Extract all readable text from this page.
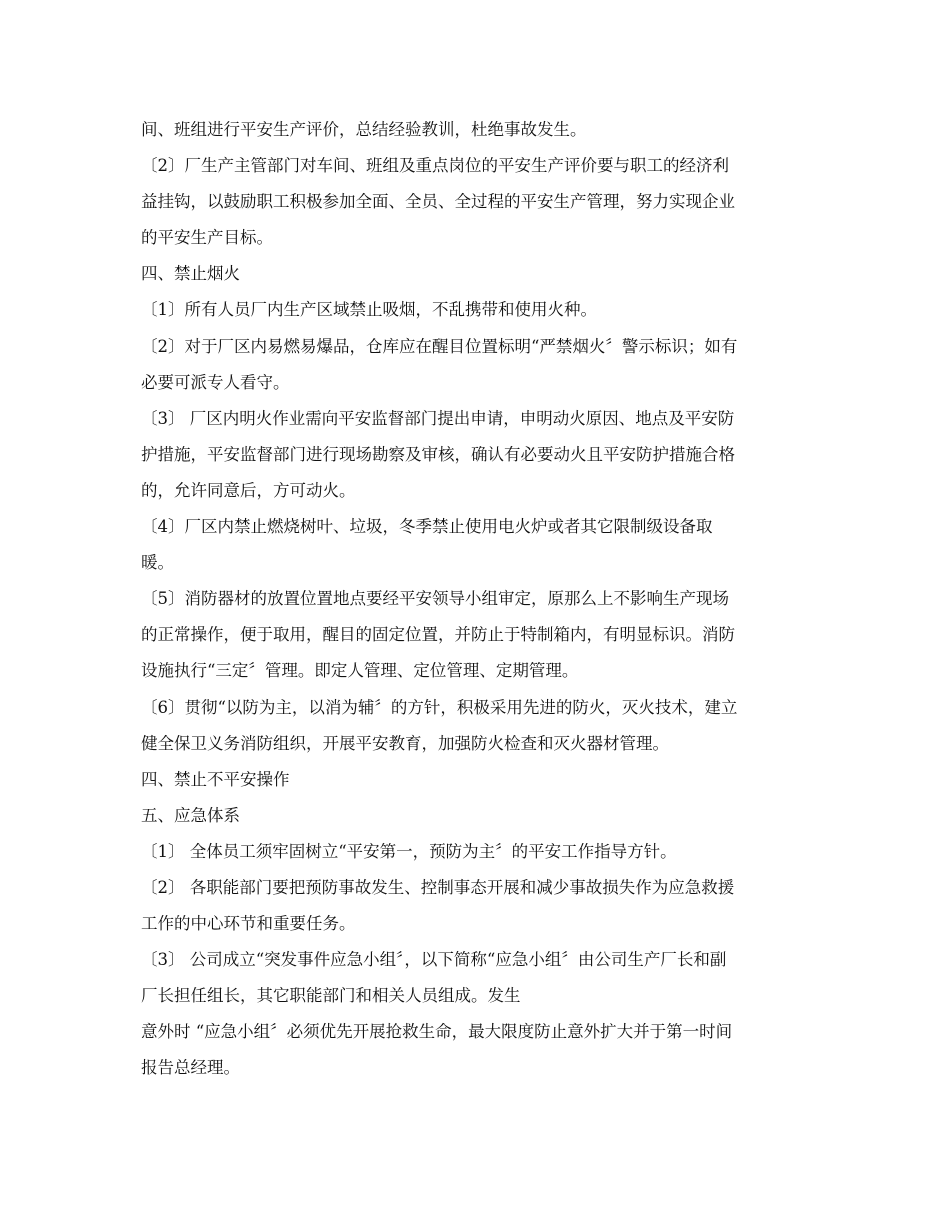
间、班组进行平安生产评价，总结经验教训，杜绝事故发生。
〔2〕厂生产主管部门对车间、班组及重点岗位的平安生产评价要与职工的经济利
益挂钩，以鼓励职工积极参加全面、全员、全过程的平安生产管理，努力实现企业
的平安生产目标。
四、禁止烟火
〔1〕所有人员厂内生产区域禁止吸烟，不乱携带和使用火种。
〔2〕对于厂区内易燃易爆品，仓库应在醒目位置标明“严禁烟火〞警示标识；如有
必要可派专人看守。
〔3〕 厂区内明火作业需向平安监督部门提出申请，申明动火原因、地点及平安防
护措施，平安监督部门进行现场勘察及审核，确认有必要动火且平安防护措施合格
的，允许同意后，方可动火。
〔4〕厂区内禁止燃烧树叶、垃圾，冬季禁止使用电火炉或者其它限制级设备取
暖。
〔5〕消防器材的放置位置地点要经平安领导小组审定，原那么上不影响生产现场
的正常操作，便于取用，醒目的固定位置，并防止于特制箱内，有明显标识。消防
设施执行“三定〞管理。即定人管理、定位管理、定期管理。
〔6〕贯彻“以防为主，以消为辅〞的方针，积极采用先进的防火，灭火技术，建立
健全保卫义务消防组织，开展平安教育，加强防火检查和灭火器材管理。
四、禁止不平安操作
五、应急体系
〔1〕 全体员工须牢固树立“平安第一，预防为主〞的平安工作指导方针。
〔2〕 各职能部门要把预防事故发生、控制事态开展和减少事故损失作为应急救援
工作的中心环节和重要任务。
〔3〕 公司成立“突发事件应急小组〞，以下简称“应急小组〞由公司生产厂长和副
厂长担任组长，其它职能部门和相关人员组成。发生
意外时 “应急小组〞必须优先开展抢救生命，最大限度防止意外扩大并于第一时间
报告总经理。
